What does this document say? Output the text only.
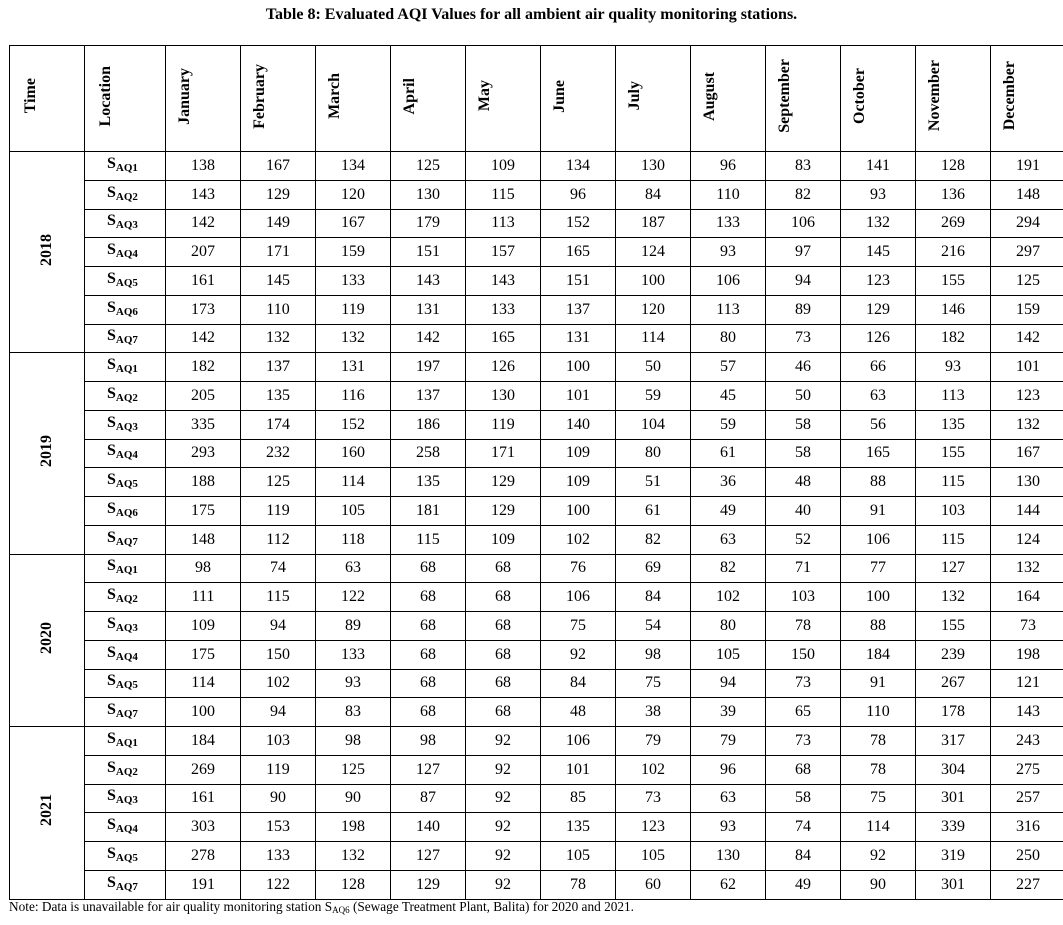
Table 8: Evaluated AQI Values for all ambient air quality monitoring stations.
Time	Location	January	February	March	April	May	June	July	August	September	October	November	December
2018	$S_{AQ1}$	138	167	134	125	109	134	130	96	83	141	128	191
	$S_{AQ2}$	143	129	120	130	115	96	84	110	82	93	136	148
	$S_{AQ3}$	142	149	167	179	113	152	187	133	106	132	269	294
	$S_{AQ4}$	207	171	159	151	157	165	124	93	97	145	216	297
	$S_{AQ5}$	161	145	133	143	143	151	100	106	94	123	155	125
	$S_{AQ6}$	173	110	119	131	133	137	120	113	89	129	146	159
	$S_{AQ7}$	142	132	132	142	165	131	114	80	73	126	182	142
2019	$S_{AQ1}$	182	137	131	197	126	100	50	57	46	66	93	101
	$S_{AQ2}$	205	135	116	137	130	101	59	45	50	63	113	123
	$S_{AQ3}$	335	174	152	186	119	140	104	59	58	56	135	132
	$S_{AQ4}$	293	232	160	258	171	109	80	61	58	165	155	167
	$S_{AQ5}$	188	125	114	135	129	109	51	36	48	88	115	130
	$S_{AQ6}$	175	119	105	181	129	100	61	49	40	91	103	144
	$S_{AQ7}$	148	112	118	115	109	102	82	63	52	106	115	124
2020	$S_{AQ1}$	98	74	63	68	68	76	69	82	71	77	127	132
	$S_{AQ2}$	111	115	122	68	68	106	84	102	103	100	132	164
	$S_{AQ3}$	109	94	89	68	68	75	54	80	78	88	155	73
	$S_{AQ4}$	175	150	133	68	68	92	98	105	150	184	239	198
	$S_{AQ5}$	114	102	93	68	68	84	75	94	73	91	267	121
	$S_{AQ7}$	100	94	83	68	68	48	38	39	65	110	178	143
2021	$S_{AQ1}$	184	103	98	98	92	106	79	79	73	78	317	243
	$S_{AQ2}$	269	119	125	127	92	101	102	96	68	78	304	275
	$S_{AQ3}$	161	90	90	87	92	85	73	63	58	75	301	257
	$S_{AQ4}$	303	153	198	140	92	135	123	93	74	114	339	316
	$S_{AQ5}$	278	133	132	127	92	105	105	130	84	92	319	250
	$S_{AQ7}$	191	122	128	129	92	78	60	62	49	90	301	227
Note: Data is unavailable for air quality monitoring station $S_{AQ6}$ (Sewage Treatment Plant, Balita) for 2020 and 2021.
